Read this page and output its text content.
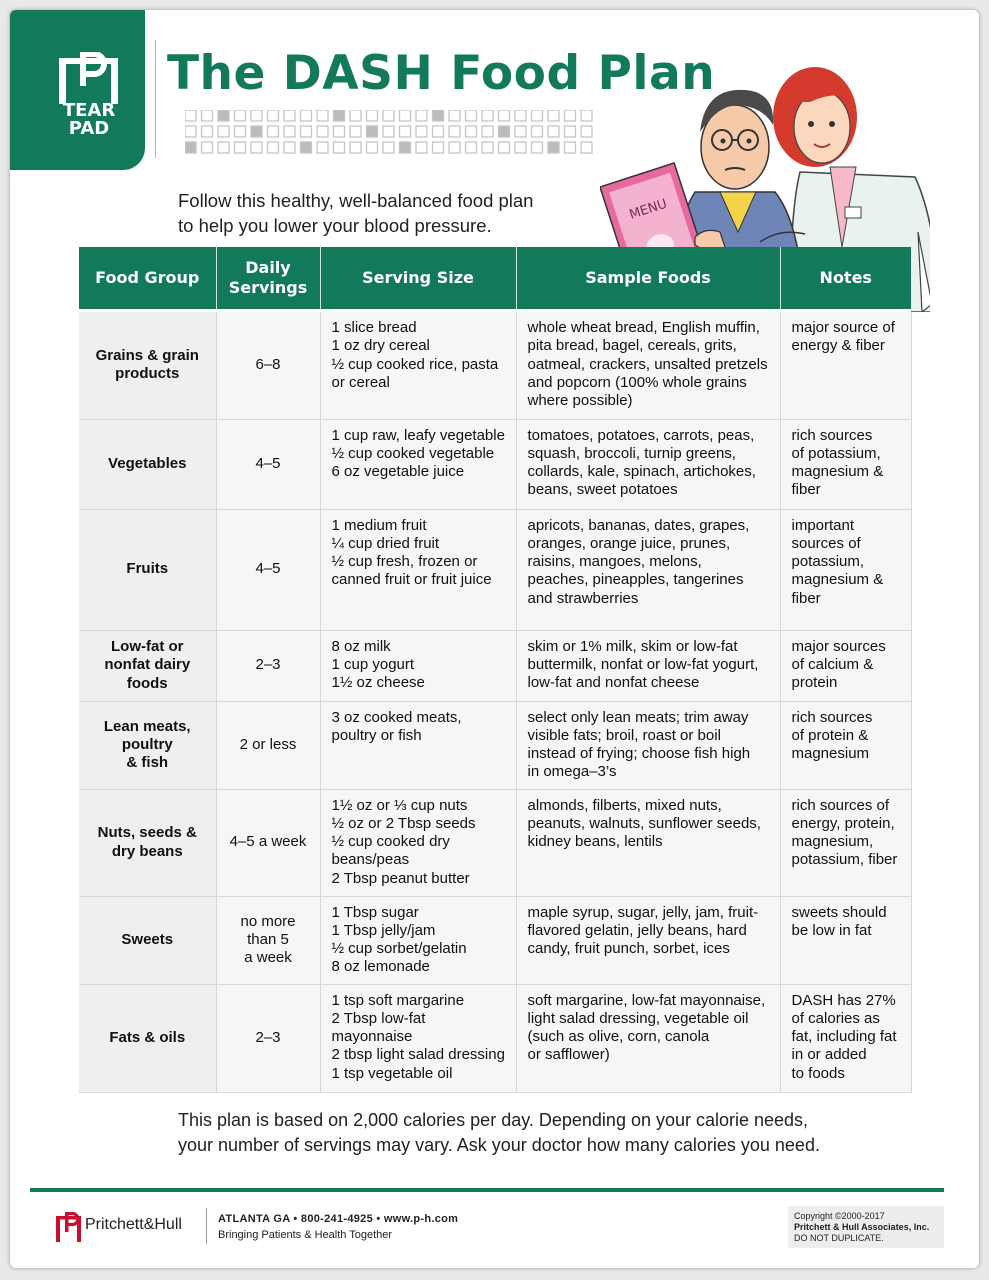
TEAR
PAD
The DASH Food Plan
Follow this healthy, well-balanced food plan
to help you lower your blood pressure.
MENU
Food Group	Daily
Servings	Serving Size	Sample Foods	Notes

Grains & grain
products	6–8	1 slice bread
1 oz dry cereal
½ cup cooked rice, pasta
or cereal	whole wheat bread, English muffin,
pita bread, bagel, cereals, grits,
oatmeal, crackers, unsalted pretzels
and popcorn (100% whole grains
where possible)	major source of
energy & fiber

Vegetables	4–5	1 cup raw, leafy vegetable
½ cup cooked vegetable
6 oz vegetable juice	tomatoes, potatoes, carrots, peas,
squash, broccoli, turnip greens,
collards, kale, spinach, artichokes,
beans, sweet potatoes	rich sources
of potassium,
magnesium &
fiber

Fruits	4–5	1 medium fruit
¼ cup dried fruit
½ cup fresh, frozen or
canned fruit or fruit juice	apricots, bananas, dates, grapes,
oranges, orange juice, prunes,
raisins, mangoes, melons,
peaches, pineapples, tangerines
and strawberries	important
sources of
potassium,
magnesium &
fiber

Low-fat or
nonfat dairy
foods	2–3	8 oz milk
1 cup yogurt
1½ oz cheese	skim or 1% milk, skim or low-fat
buttermilk, nonfat or low-fat yogurt,
low-fat and nonfat cheese	major sources
of calcium &
protein

Lean meats,
poultry
& fish	2 or less	3 oz cooked meats,
poultry or fish	select only lean meats; trim away
visible fats; broil, roast or boil
instead of frying; choose fish high
in omega–3’s	rich sources
of protein &
magnesium

Nuts, seeds &
dry beans	4–5 a week	1½ oz or ⅓ cup nuts
½ oz or 2 Tbsp seeds
½ cup cooked dry
beans/peas
2 Tbsp peanut butter	almonds, filberts, mixed nuts,
peanuts, walnuts, sunflower seeds,
kidney beans, lentils	rich sources of
energy, protein,
magnesium,
potassium, fiber

Sweets	no more
than 5
a week	1 Tbsp sugar
1 Tbsp jelly/jam
½ cup sorbet/gelatin
8 oz lemonade	maple syrup, sugar, jelly, jam, fruit-
flavored gelatin, jelly beans, hard
candy, fruit punch, sorbet, ices	sweets should
be low in fat

Fats & oils	2–3	1 tsp soft margarine
2 Tbsp low-fat
mayonnaise
2 tbsp light salad dressing
1 tsp vegetable oil	soft margarine, low-fat mayonnaise,
light salad dressing, vegetable oil
(such as olive, corn, canola
or safflower)	DASH has 27%
of calories as
fat, including fat
in or added
to foods
This plan is based on 2,000 calories per day. Depending on your calorie needs,
your number of servings may vary. Ask your doctor how many calories you need.
Pritchett&Hull	ATLANTA GA • 800-241-4925 • www.p-h.com
Bringing Patients & Health Together
Copyright ©2000-2017
Pritchett & Hull Associates, Inc.
DO NOT DUPLICATE.
